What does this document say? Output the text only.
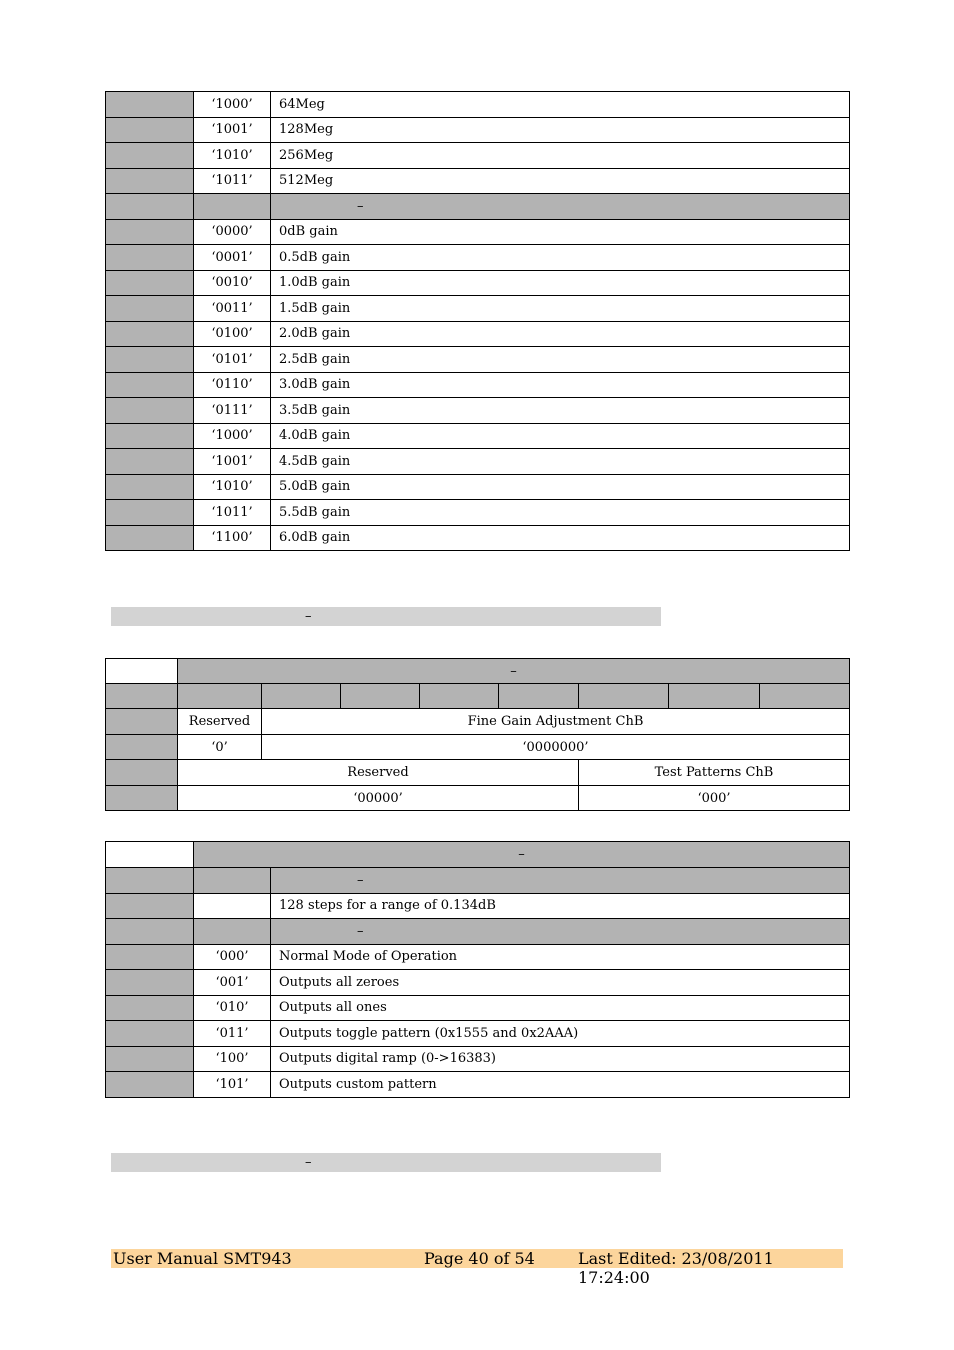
	‘1000’	64Meg
	‘1001’	128Meg
	‘1010’	256Meg
	‘1011’	512Meg
		–
	‘0000’	0dB gain
	‘0001’	0.5dB gain
	‘0010’	1.0dB gain
	‘0011’	1.5dB gain
	‘0100’	2.0dB gain
	‘0101’	2.5dB gain
	‘0110’	3.0dB gain
	‘0111’	3.5dB gain
	‘1000’	4.0dB gain
	‘1001’	4.5dB gain
	‘1010’	5.0dB gain
	‘1011’	5.5dB gain
	‘1100’	6.0dB gain
–
	–							

	Reserved	Fine Gain Adjustment ChB						
	‘0’	‘0000000’						
	Reserved					Test Patterns ChB		
	‘00000’					‘000’		
	–	
		–
		128 steps for a range of 0.134dB
		–
	‘000’	Normal Mode of Operation
	‘001’	Outputs all zeroes
	‘010’	Outputs all ones
	‘011’	Outputs toggle pattern (0x1555 and 0x2AAA)
	‘100’	Outputs digital ramp (0->16383)
	‘101’	Outputs custom pattern
–
User Manual SMT943	Page 40 of 54	Last Edited: 23/08/2011 17:24:00
